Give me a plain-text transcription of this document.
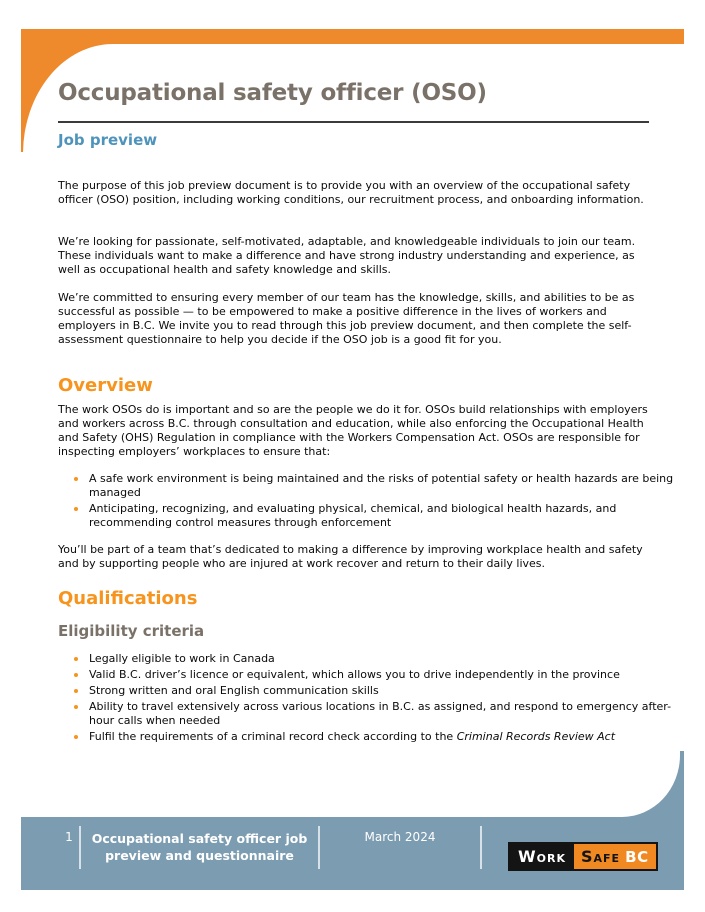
Occupational safety officer (OSO)
Job preview

The purpose of this job preview document is to provide you with an overview of the occupational safety officer (OSO) position, including working conditions, our recruitment process, and onboarding information.

We’re looking for passionate, self-motivated, adaptable, and knowledgeable individuals to join our team. These individuals want to make a difference and have strong industry understanding and experience, as well as occupational health and safety knowledge and skills.

We’re committed to ensuring every member of our team has the knowledge, skills, and abilities to be as successful as possible — to be empowered to make a positive difference in the lives of workers and employers in B.C. We invite you to read through this job preview document, and then complete the self-assessment questionnaire to help you decide if the OSO job is a good fit for you.

Overview

The work OSOs do is important and so are the people we do it for. OSOs build relationships with employers and workers across B.C. through consultation and education, while also enforcing the Occupational Health and Safety (OHS) Regulation in compliance with the Workers Compensation Act. OSOs are responsible for inspecting employers’ workplaces to ensure that:

A safe work environment is being maintained and the risks of potential safety or health hazards are being managed
Anticipating, recognizing, and evaluating physical, chemical, and biological health hazards, and recommending control measures through enforcement

You’ll be part of a team that’s dedicated to making a difference by improving workplace health and safety and by supporting people who are injured at work recover and return to their daily lives.

Qualifications
Eligibility criteria
Legally eligible to work in Canada
Valid B.C. driver’s licence or equivalent, which allows you to drive independently in the province
Strong written and oral English communication skills
Ability to travel extensively across various locations in B.C. as assigned, and respond to emergency after-hour calls when needed
Fulfil the requirements of a criminal record check according to the Criminal Records Review Act
1	Occupational safety officer job preview and questionnaire
March 2024
Work Safe BC
